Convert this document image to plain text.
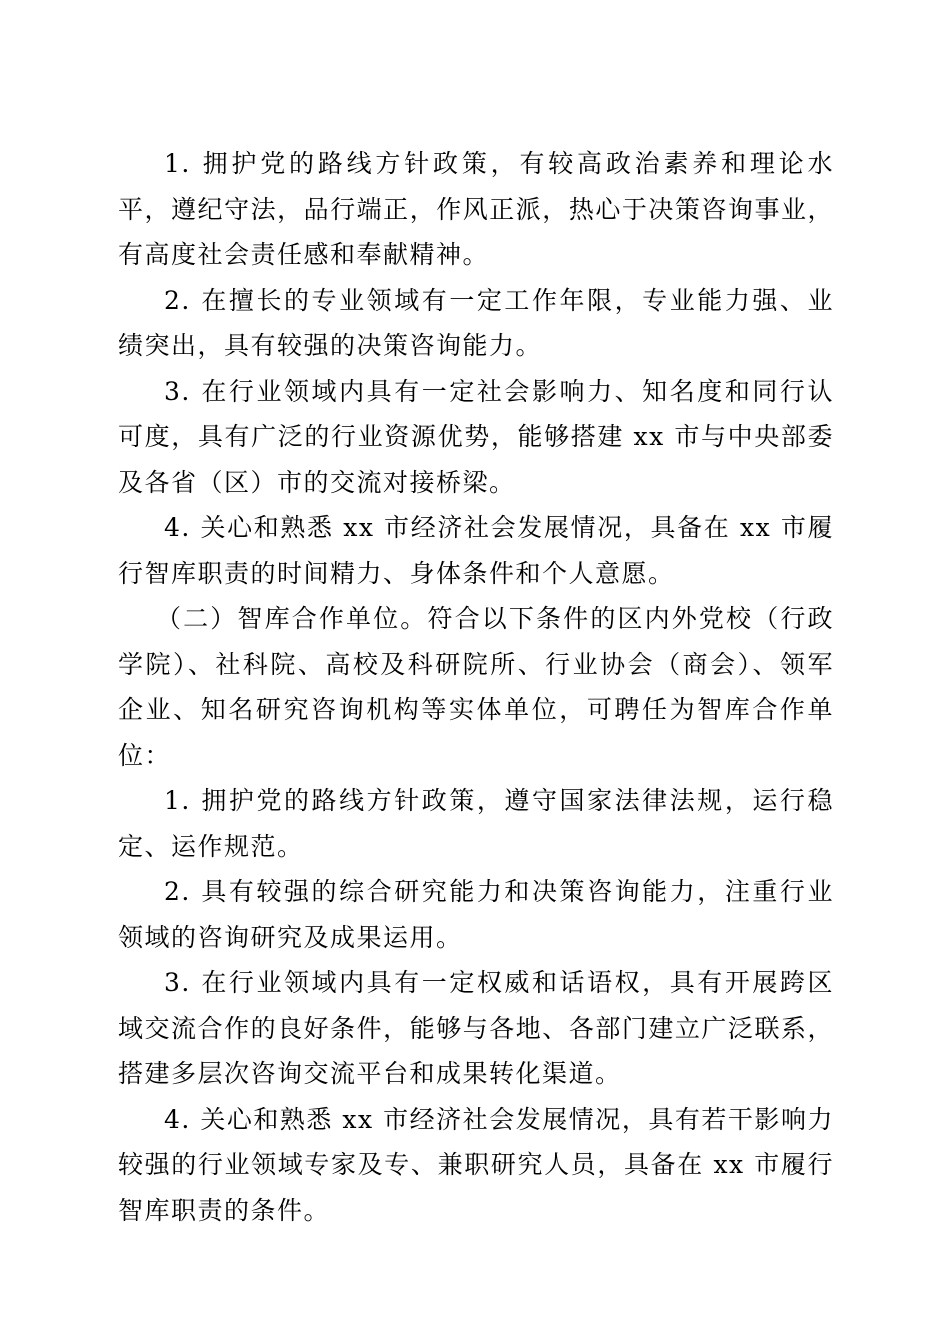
1. 拥护党的路线方针政策，有较高政治素养和理论水平，遵纪守法，品行端正，作风正派，热心于决策咨询事业，有高度社会责任感和奉献精神。

2. 在擅长的专业领域有一定工作年限，专业能力强、业绩突出，具有较强的决策咨询能力。

3. 在行业领域内具有一定社会影响力、知名度和同行认可度，具有广泛的行业资源优势，能够搭建 xx 市与中央部委及各省（区）市的交流对接桥梁。

4. 关心和熟悉 xx 市经济社会发展情况，具备在 xx 市履行智库职责的时间精力、身体条件和个人意愿。

（二）智库合作单位。符合以下条件的区内外党校（行政学院）、社科院、高校及科研院所、行业协会（商会）、领军企业、知名研究咨询机构等实体单位，可聘任为智库合作单位：

1. 拥护党的路线方针政策，遵守国家法律法规，运行稳定、运作规范。

2. 具有较强的综合研究能力和决策咨询能力，注重行业领域的咨询研究及成果运用。

3. 在行业领域内具有一定权威和话语权，具有开展跨区域交流合作的良好条件，能够与各地、各部门建立广泛联系，搭建多层次咨询交流平台和成果转化渠道。

4. 关心和熟悉 xx 市经济社会发展情况，具有若干影响力较强的行业领域专家及专、兼职研究人员，具备在 xx 市履行智库职责的条件。
